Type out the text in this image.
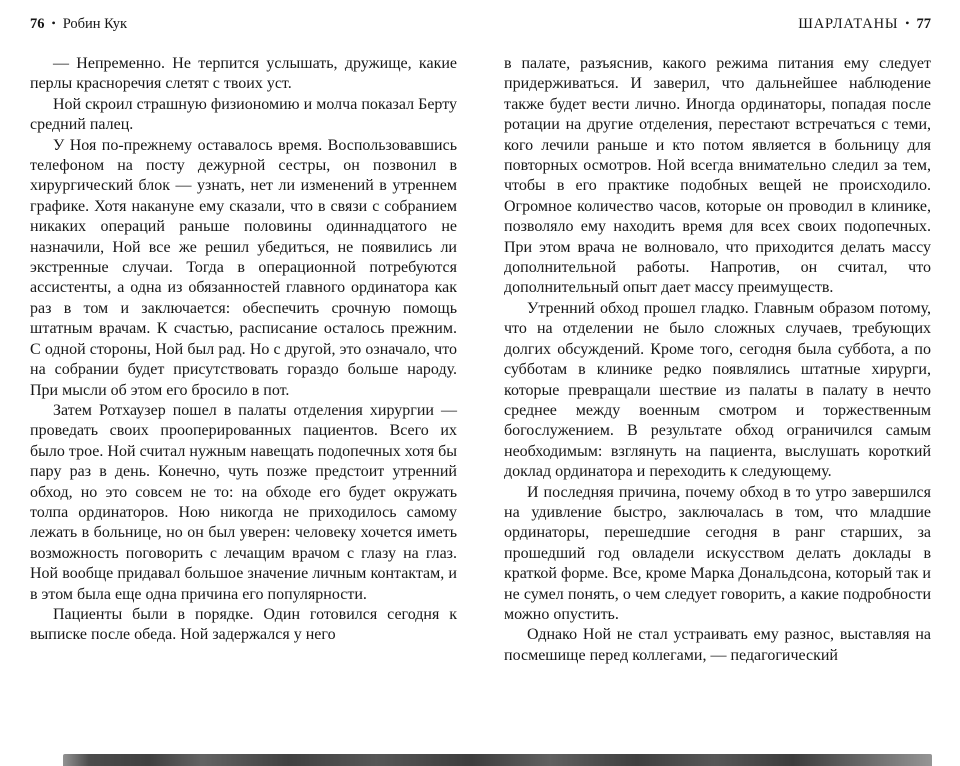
76 • Робин Кук

— Непременно. Не терпится услышать, дружище, какие перлы красноречия слетят с твоих уст.

Ной скроил страшную физиономию и молча показал Берту средний палец.

У Ноя по-прежнему оставалось время. Воспользовавшись телефоном на посту дежурной сестры, он позвонил в хирургический блок — узнать, нет ли изменений в утреннем графике. Хотя накануне ему сказали, что в связи с собранием никаких операций раньше половины одиннадцатого не назначили, Ной все же решил убедиться, не появились ли экстренные случаи. Тогда в операционной потребуются ассистенты, а одна из обязанностей главного ординатора как раз в том и заключается: обеспечить срочную помощь штатным врачам. К счастью, расписание осталось прежним. С одной стороны, Ной был рад. Но с другой, это означало, что на собрании будет присутствовать гораздо больше народу. При мысли об этом его бросило в пот.

Затем Ротхаузер пошел в палаты отделения хирургии — проведать своих прооперированных пациентов. Всего их было трое. Ной считал нужным навещать подопечных хотя бы пару раз в день. Конечно, чуть позже предстоит утренний обход, но это совсем не то: на обходе его будет окружать толпа ординаторов. Ною никогда не приходилось самому лежать в больнице, но он был уверен: человеку хочется иметь возможность поговорить с лечащим врачом с глазу на глаз. Ной вообще придавал большое значение личным контактам, и в этом была еще одна причина его популярности.

Пациенты были в порядке. Один готовился сегодня к выписке после обеда. Ной задержался у него

ШАРЛАТАНЫ • 77

в палате, разъяснив, какого режима питания ему следует придерживаться. И заверил, что дальнейшее наблюдение также будет вести лично. Иногда ординаторы, попадая после ротации на другие отделения, перестают встречаться с теми, кого лечили раньше и кто потом является в больницу для повторных осмотров. Ной всегда внимательно следил за тем, чтобы в его практике подобных вещей не происходило. Огромное количество часов, которые он проводил в клинике, позволяло ему находить время для всех своих подопечных. При этом врача не волновало, что приходится делать массу дополнительной работы. Напротив, он считал, что дополнительный опыт дает массу преимуществ.

Утренний обход прошел гладко. Главным образом потому, что на отделении не было сложных случаев, требующих долгих обсуждений. Кроме того, сегодня была суббота, а по субботам в клинике редко появлялись штатные хирурги, которые превращали шествие из палаты в палату в нечто среднее между военным смотром и торжественным богослужением. В результате обход ограничился самым необходимым: взглянуть на пациента, выслушать короткий доклад ординатора и переходить к следующему.

И последняя причина, почему обход в то утро завершился на удивление быстро, заключалась в том, что младшие ординаторы, перешедшие сегодня в ранг старших, за прошедший год овладели искусством делать доклады в краткой форме. Все, кроме Марка Дональдсона, который так и не сумел понять, о чем следует говорить, а какие подробности можно опустить.

Однако Ной не стал устраивать ему разнос, выставляя на посмешище перед коллегами, — педагогический
